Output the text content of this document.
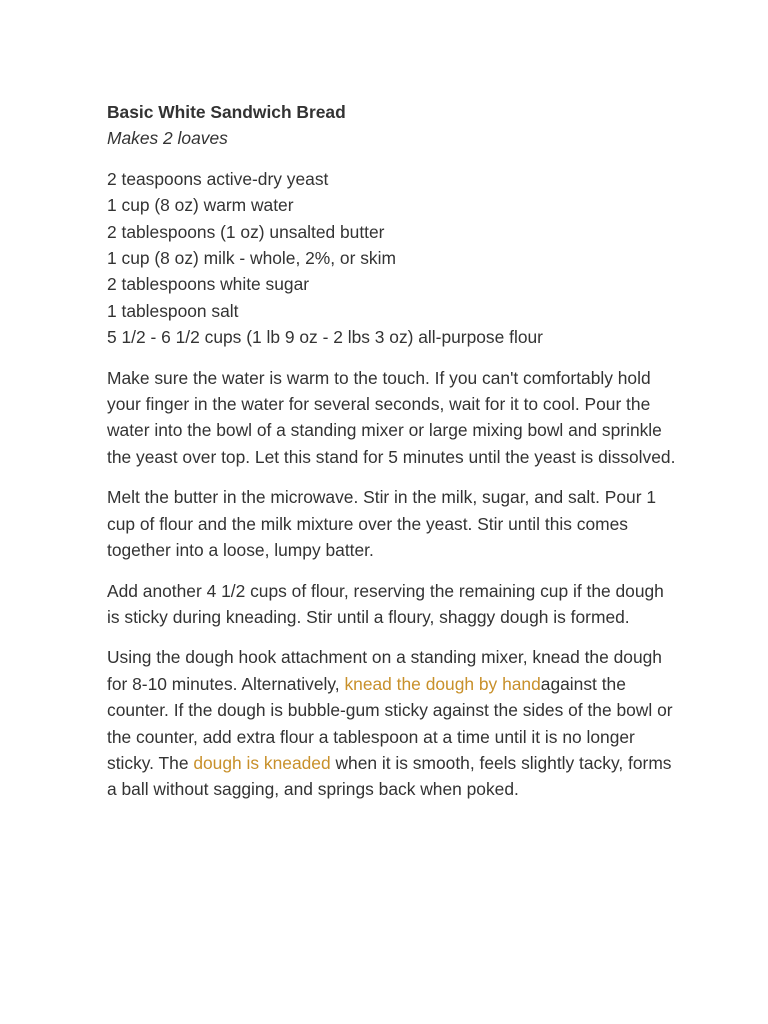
Basic White Sandwich Bread
Makes 2 loaves
2 teaspoons active-dry yeast
1 cup (8 oz) warm water
2 tablespoons (1 oz) unsalted butter
1 cup (8 oz) milk - whole, 2%, or skim
2 tablespoons white sugar
1 tablespoon salt
5 1/2 - 6 1/2 cups (1 lb 9 oz - 2 lbs 3 oz) all-purpose flour

Make sure the water is warm to the touch. If you can't comfortably hold your finger in the water for several seconds, wait for it to cool. Pour the water into the bowl of a standing mixer or large mixing bowl and sprinkle the yeast over top. Let this stand for 5 minutes until the yeast is dissolved.

Melt the butter in the microwave. Stir in the milk, sugar, and salt. Pour 1 cup of flour and the milk mixture over the yeast. Stir until this comes together into a loose, lumpy batter.

Add another 4 1/2 cups of flour, reserving the remaining cup if the dough is sticky during kneading. Stir until a floury, shaggy dough is formed.

Using the dough hook attachment on a standing mixer, knead the dough for 8-10 minutes. Alternatively, knead the dough by handagainst the counter. If the dough is bubble-gum sticky against the sides of the bowl or the counter, add extra flour a tablespoon at a time until it is no longer sticky. The dough is kneaded when it is smooth, feels slightly tacky, forms a ball without sagging, and springs back when poked.
